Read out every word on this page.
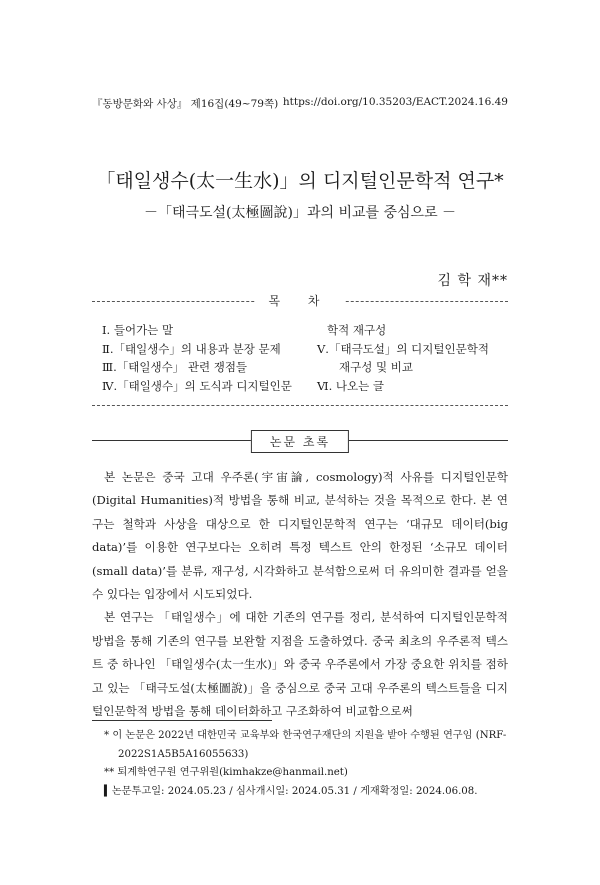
『동방문화와 사상』 제16집(49~79쪽) https://doi.org/10.35203/EACT.2024.16.49
「태일생수(太一生水)」의 디지털인문학적 연구*
－「태극도설(太極圖說)」과의 비교를 중심으로 －
김 학 재**
목 차
Ⅰ. 들어가는 말
Ⅱ.「태일생수」의 내용과 분장 문제
Ⅲ.「태일생수」 관련 쟁점들
Ⅳ.「태일생수」의 도식과 디지털인문
학적 재구성
Ⅴ.「태극도설」의 디지털인문학적
재구성 및 비교
Ⅵ. 나오는 글
논문 초록

본 논문은 중국 고대 우주론(宇宙論, cosmology)적 사유를 디지털인문학(Digital Humanities)적 방법을 통해 비교, 분석하는 것을 목적으로 한다. 본 연구는 철학과 사상을 대상으로 한 디지털인문학적 연구는 ‘대규모 데이터(big data)’를 이용한 연구보다는 오히려 특정 텍스트 안의 한정된 ‘소규모 데이터(small data)’를 분류, 재구성, 시각화하고 분석함으로써 더 유의미한 결과를 얻을 수 있다는 입장에서 시도되었다.

본 연구는 「태일생수」에 대한 기존의 연구를 정리, 분석하여 디지털인문학적 방법을 통해 기존의 연구를 보완할 지점을 도출하였다. 중국 최초의 우주론적 텍스트 중 하나인 「태일생수(太一生水)」와 중국 우주론에서 가장 중요한 위치를 점하고 있는 「태극도설(太極圖說)」을 중심으로 중국 고대 우주론의 텍스트들을 디지털인문학적 방법을 통해 데이터화하고 구조화하여 비교함으로써

* 이 논문은 2022년 대한민국 교육부와 한국연구재단의 지원을 받아 수행된 연구임 (NRF-2022S1A5B5A16055633)
** 퇴계학연구원 연구위원(kimhakze@hanmail.net)
▍논문투고일: 2024.05.23 / 심사개시일: 2024.05.31 / 게재확정일: 2024.06.08.
